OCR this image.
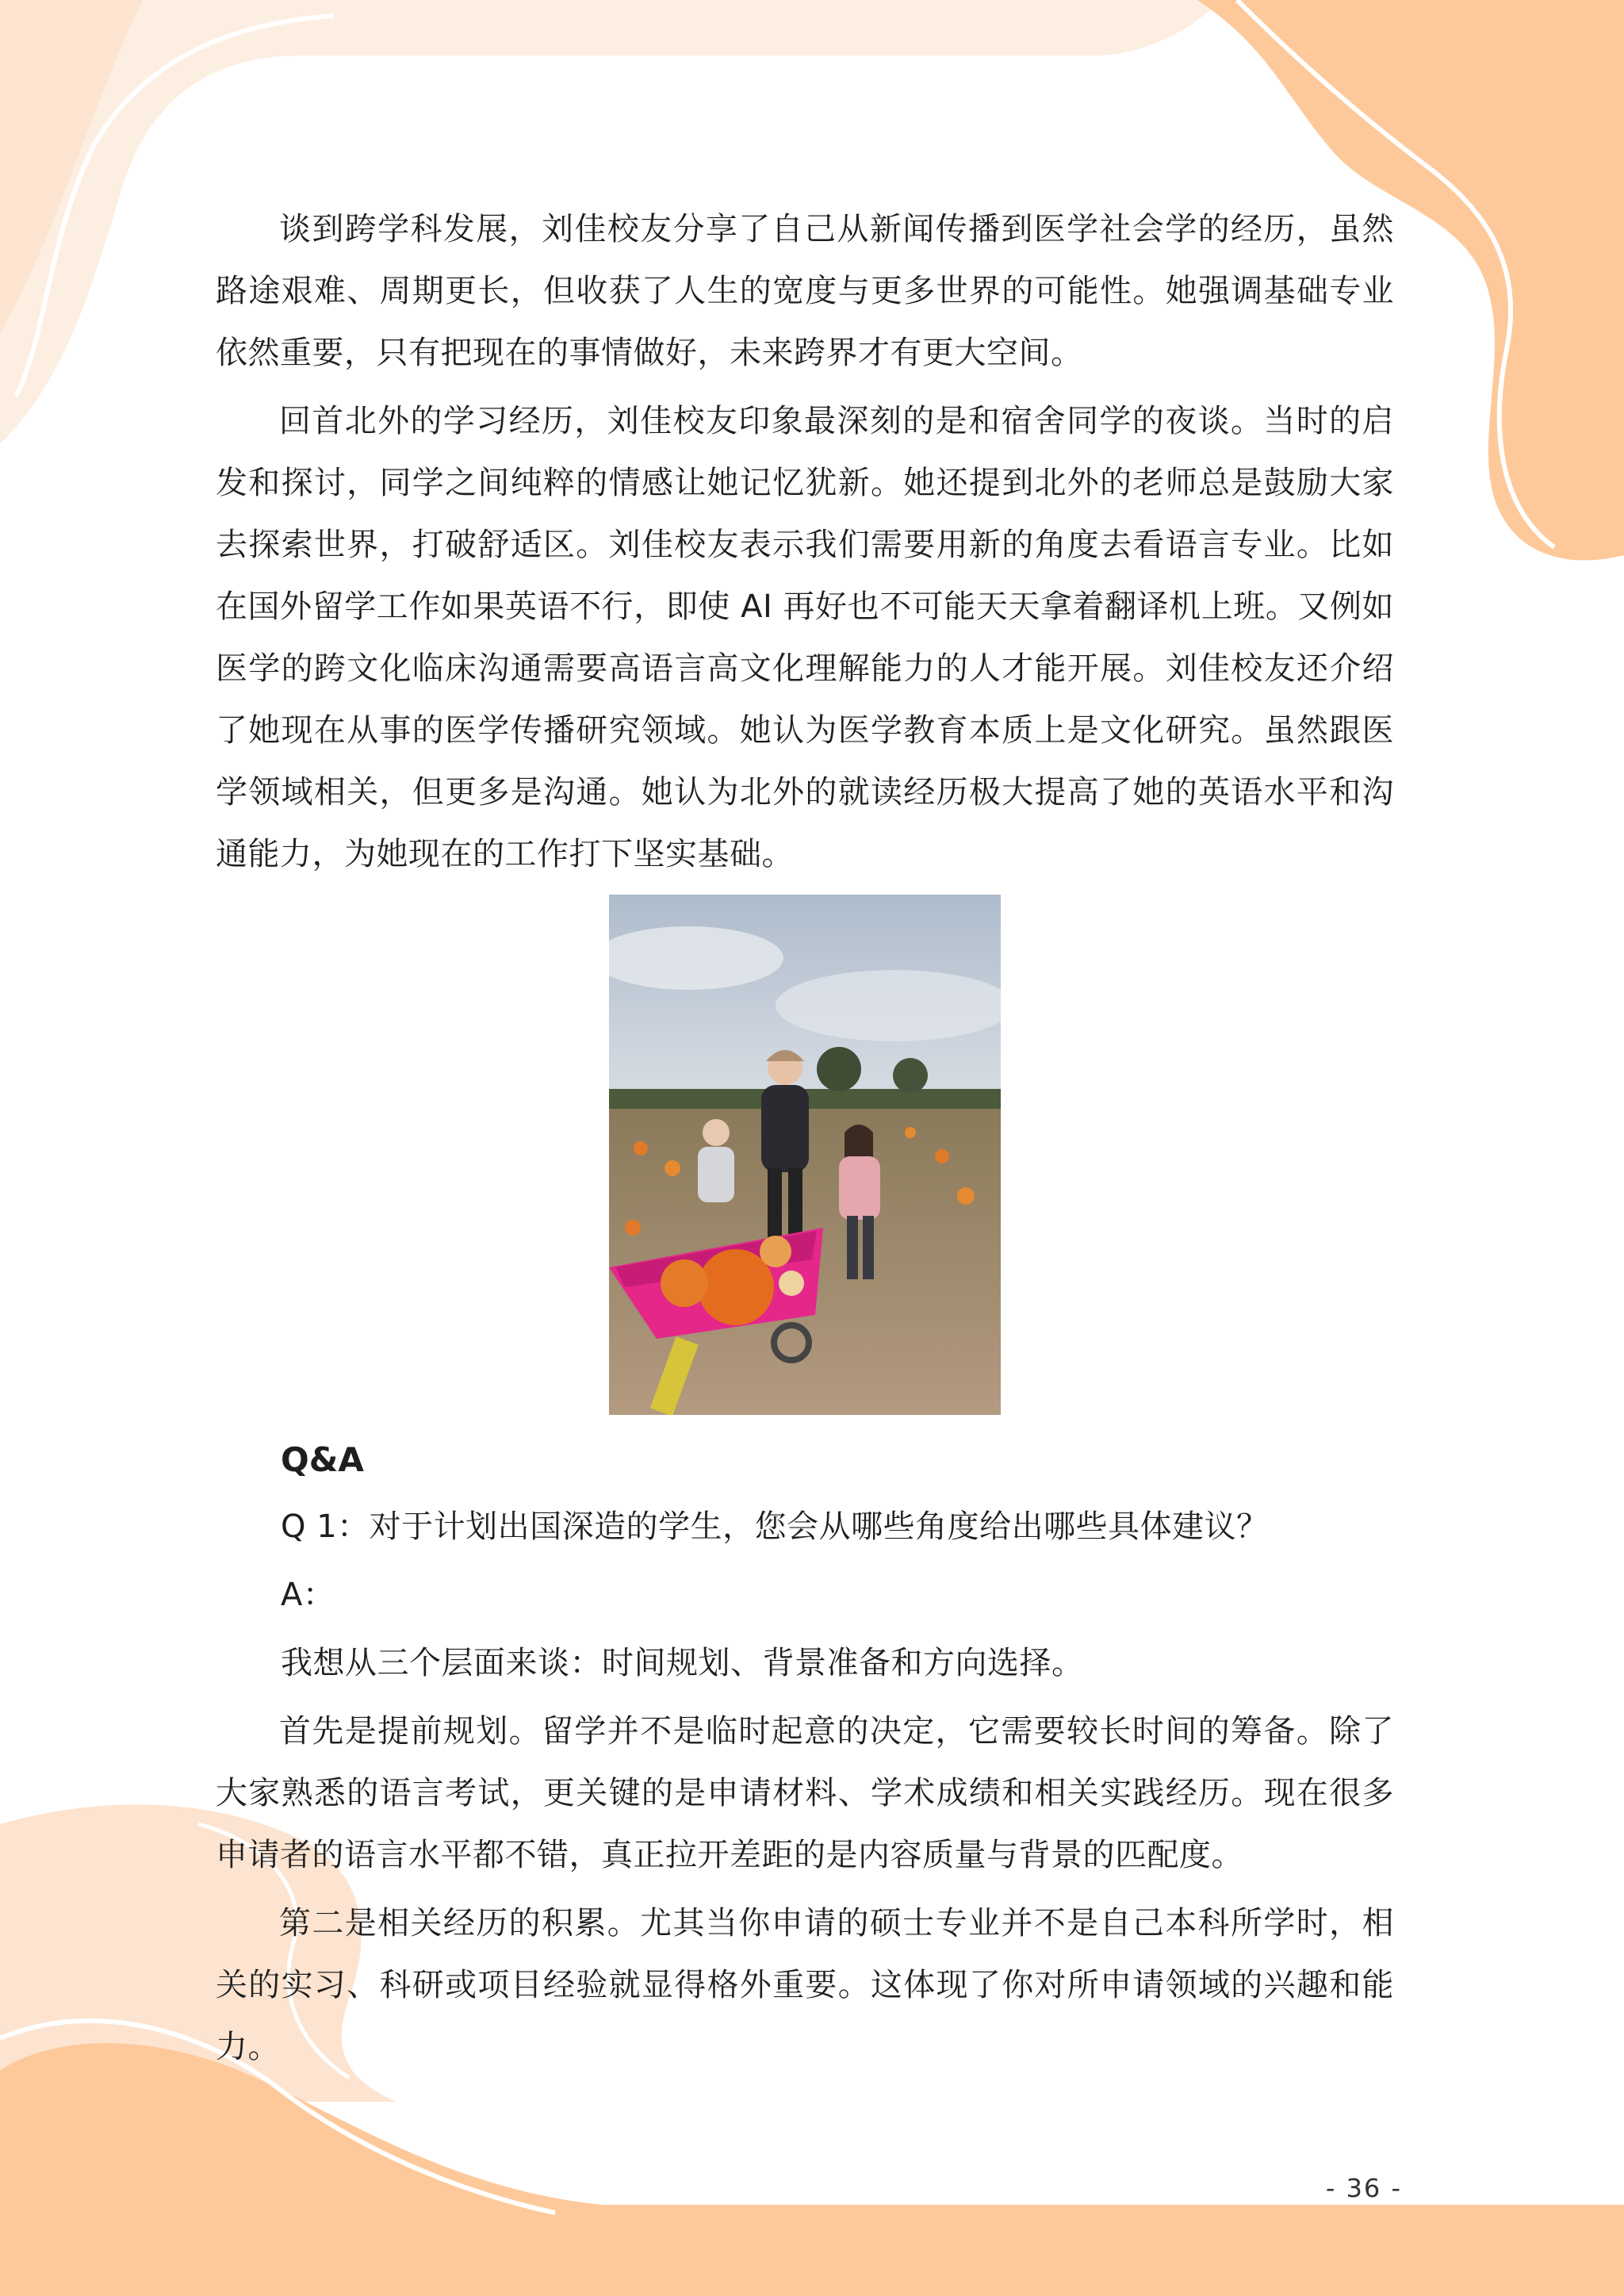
谈到跨学科发展，刘佳校友分享了自己从新闻传播到医学社会学的经历，虽然路途艰难、周期更长，但收获了人生的宽度与更多世界的可能性。她强调基础专业依然重要，只有把现在的事情做好，未来跨界才有更大空间。

回首北外的学习经历，刘佳校友印象最深刻的是和宿舍同学的夜谈。当时的启发和探讨，同学之间纯粹的情感让她记忆犹新。她还提到北外的老师总是鼓励大家去探索世界，打破舒适区。刘佳校友表示我们需要用新的角度去看语言专业。比如在国外留学工作如果英语不行，即使 AI 再好也不可能天天拿着翻译机上班。又例如医学的跨文化临床沟通需要高语言高文化理解能力的人才能开展。刘佳校友还介绍了她现在从事的医学传播研究领域。她认为医学教育本质上是文化研究。虽然跟医学领域相关，但更多是沟通。她认为北外的就读经历极大提高了她的英语水平和沟通能力，为她现在的工作打下坚实基础。

Q&A

Q 1：对于计划出国深造的学生，您会从哪些角度给出哪些具体建议？

A：

我想从三个层面来谈：时间规划、背景准备和方向选择。

首先是提前规划。留学并不是临时起意的决定，它需要较长时间的筹备。除了大家熟悉的语言考试，更关键的是申请材料、学术成绩和相关实践经历。现在很多申请者的语言水平都不错，真正拉开差距的是内容质量与背景的匹配度。

第二是相关经历的积累。尤其当你申请的硕士专业并不是自己本科所学时，相关的实习、科研或项目经验就显得格外重要。这体现了你对所申请领域的兴趣和能力。

- 36 -
